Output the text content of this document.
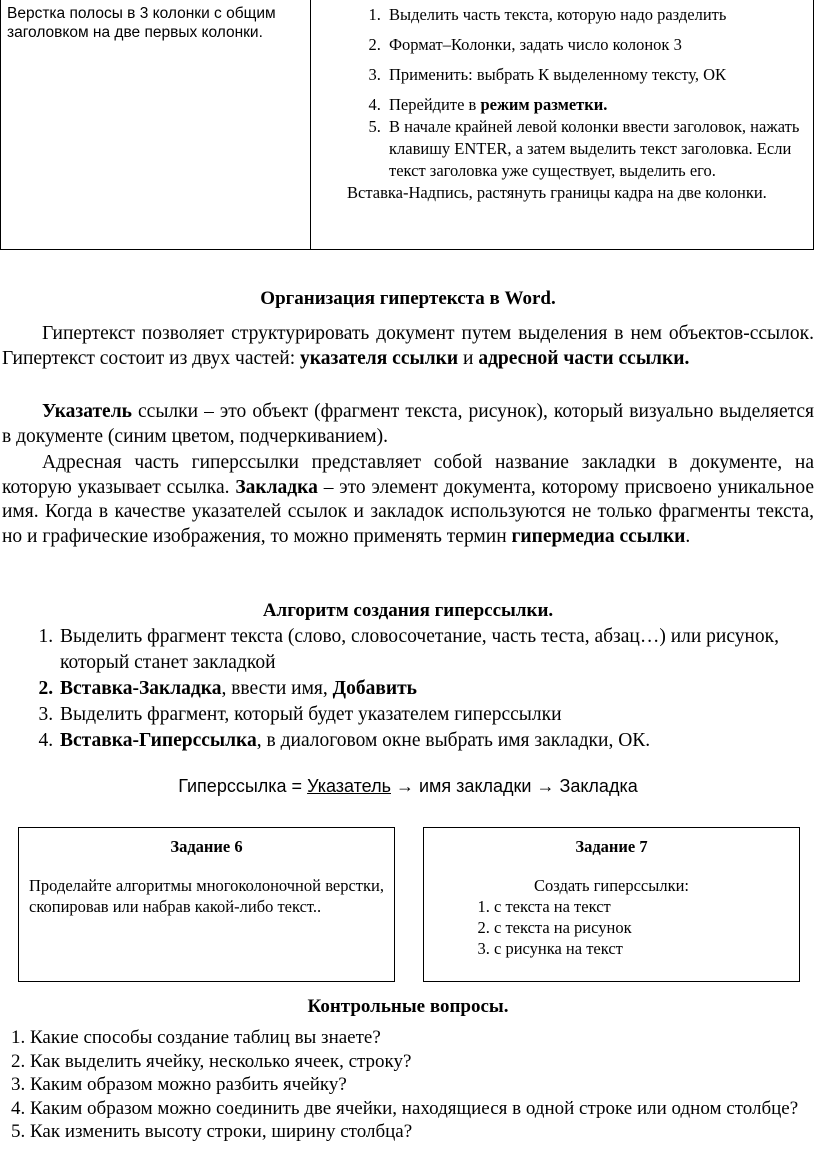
Верстка полосы в 3 колонки с общим заголовком на две первых колонки.
1. Выделить часть текста, которую надо разделить
2. Формат–Колонки, задать число колонок 3
3. Применить: выбрать К выделенному тексту, ОК
4. Перейдите в режим разметки.
5. В начале крайней левой колонки ввести заголовок, нажать клавишу ENTER, а затем выделить текст заголовка. Если текст заголовка уже существует, выделить его.

Вставка-Надпись, растянуть границы кадра на две колонки.

Организация гипертекста в Word.

Гипертекст позволяет структурировать документ путем выделения в нем объектов-ссылок. Гипертекст состоит из двух частей: указателя ссылки и адресной части ссылки.

Указатель ссылки – это объект (фрагмент текста, рисунок), который визуально выделяется в документе (синим цветом, подчеркиванием).

Адресная часть гиперссылки представляет собой название закладки в документе, на которую указывает ссылка. Закладка – это элемент документа, которому присвоено уникальное имя. Когда в качестве указателей ссылок и закладок используются не только фрагменты текста, но и графические изображения, то можно применять термин гипермедиа ссылки.

Алгоритм создания гиперссылки.
1. Выделить фрагмент текста (слово, словосочетание, часть теста, абзац…) или рисунок, который станет закладкой
2. Вставка-Закладка, ввести имя, Добавить
3. Выделить фрагмент, который будет указателем гиперссылки
4. Вставка-Гиперссылка, в диалоговом окне выбрать имя закладки, ОК.
Гиперссылка = Указатель → имя закладки → Закладка
Задание 6
Проделайте алгоритмы многоколоночной верстки, скопировав или набрав какой-либо текст..
Задание 7
Создать гиперссылки:
1. с текста на текст
2. с текста на рисунок
3. с рисунка на текст
Контрольные вопросы.
1. Какие способы создание таблиц вы знаете?
2. Как выделить ячейку, несколько ячеек, строку?
3. Каким образом можно разбить ячейку?
4. Каким образом можно соединить две ячейки, находящиеся в одной строке или одном столбце?
5. Как изменить высоту строки, ширину столбца?
